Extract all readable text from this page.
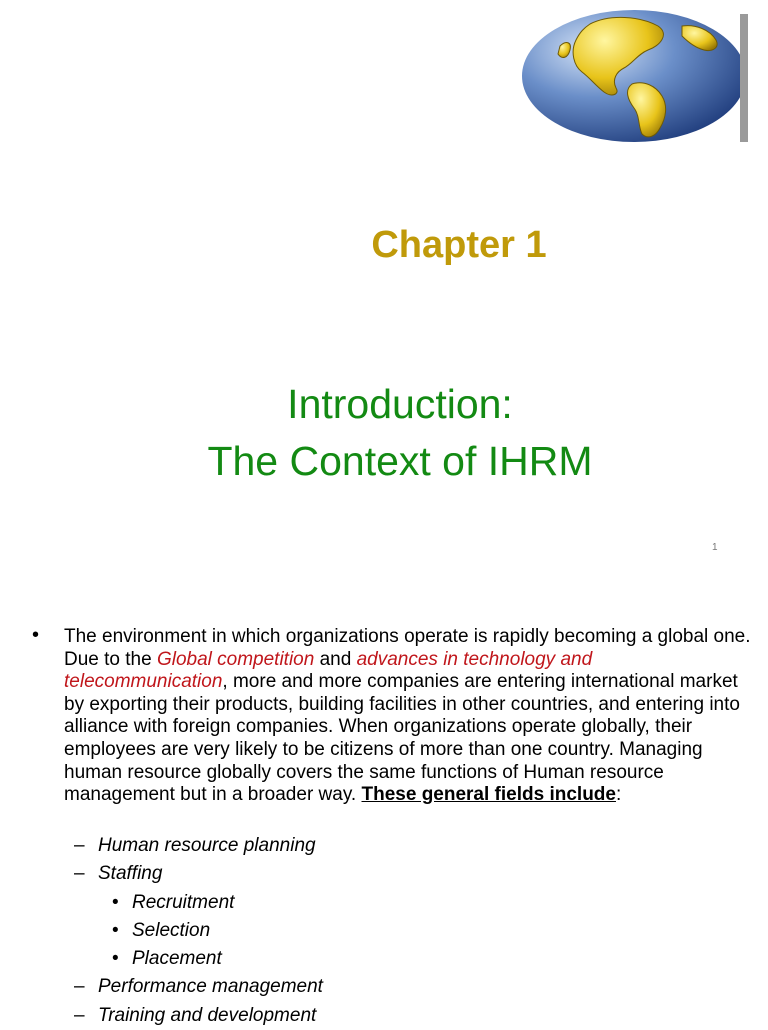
Chapter 1
Introduction:
The Context of IHRM
1
• The environment in which organizations operate is rapidly becoming a global one. Due to the Global competition and advances in technology and telecommunication, more and more companies are entering international market by exporting their products, building facilities in other countries, and entering into alliance with foreign companies. When organizations operate globally, their employees are very likely to be citizens of more than one country. Managing human resource globally covers the same functions of Human resource management but in a broader way. These general fields include:
– Human resource planning
– Staffing
• Recruitment
• Selection
• Placement
– Performance management
– Training and development
